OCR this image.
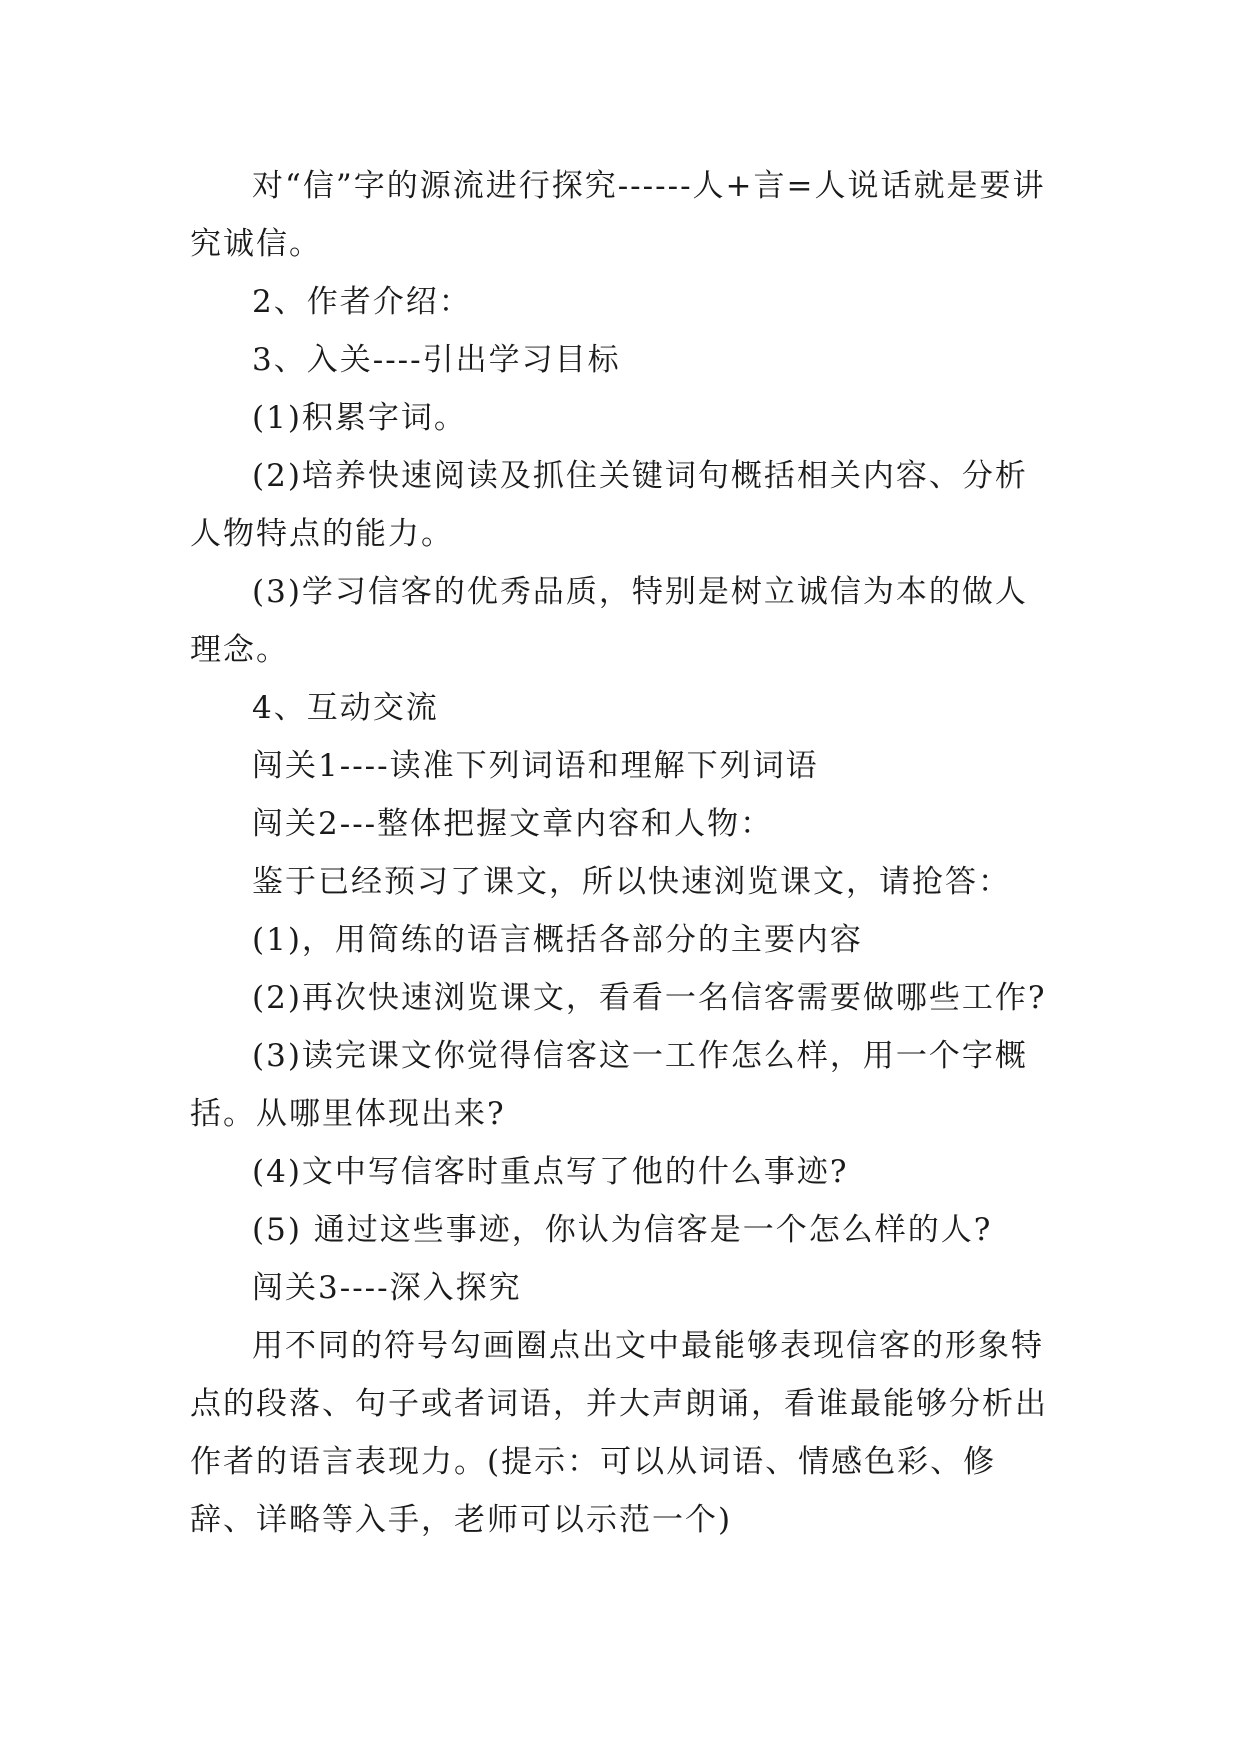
对“信”字的源流进行探究------人+言=人说话就是要讲究诚信。

2、作者介绍：

3、入关----引出学习目标

(1)积累字词。

(2)培养快速阅读及抓住关键词句概括相关内容、分析人物特点的能力。

(3)学习信客的优秀品质，特别是树立诚信为本的做人理念。

4、互动交流

闯关1----读准下列词语和理解下列词语

闯关2---整体把握文章内容和人物：

鉴于已经预习了课文，所以快速浏览课文，请抢答：

(1)，用简练的语言概括各部分的主要内容

(2)再次快速浏览课文，看看一名信客需要做哪些工作?

(3)读完课文你觉得信客这一工作怎么样，用一个字概括。从哪里体现出来?

(4)文中写信客时重点写了他的什么事迹?

(5) 通过这些事迹，你认为信客是一个怎么样的人?

闯关3----深入探究

用不同的符号勾画圈点出文中最能够表现信客的形象特点的段落、句子或者词语，并大声朗诵，看谁最能够分析出作者的语言表现力。(提示：可以从词语、情感色彩、修辞、详略等入手，老师可以示范一个)
